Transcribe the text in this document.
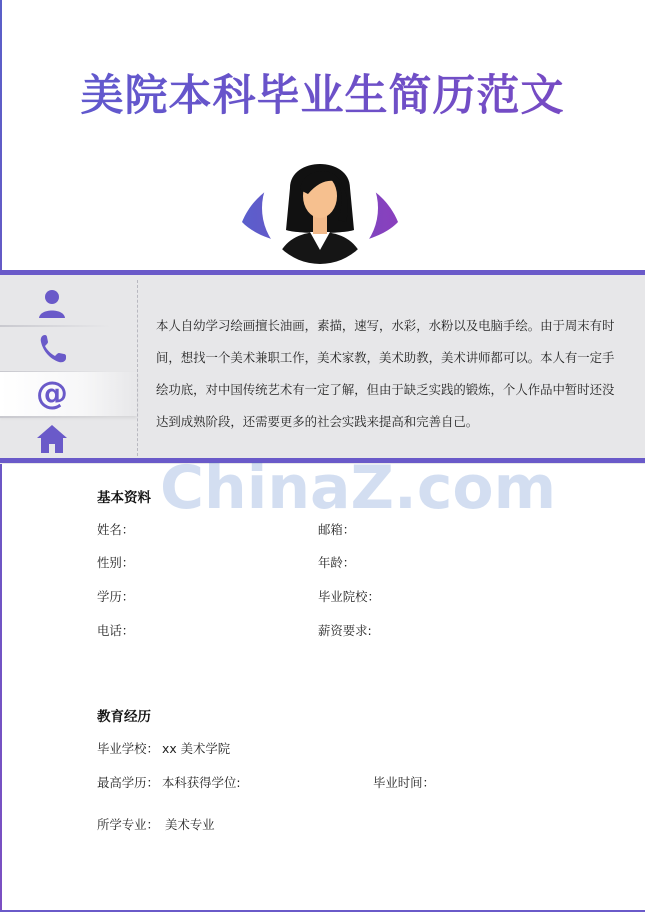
美院本科毕业生简历范文
@

本人自幼学习绘画擅长油画，素描，速写，水彩，水粉以及电脑手绘。由于周末有时间，想找一个美术兼职工作，美术家教，美术助教，美术讲师都可以。本人有一定手绘功底，对中国传统艺术有一定了解，但由于缺乏实践的锻炼，个人作品中暂时还没达到成熟阶段，还需要更多的社会实践来提高和完善自己。

ChinaZ.com
基本资料
姓名：	邮箱：
性别：	年龄：
学历：	毕业院校：
电话：	薪资要求:
教育经历
毕业学校： xx 美术学院
最高学历： 本科获得学位:	毕业时间：
所学专业： 美术专业
